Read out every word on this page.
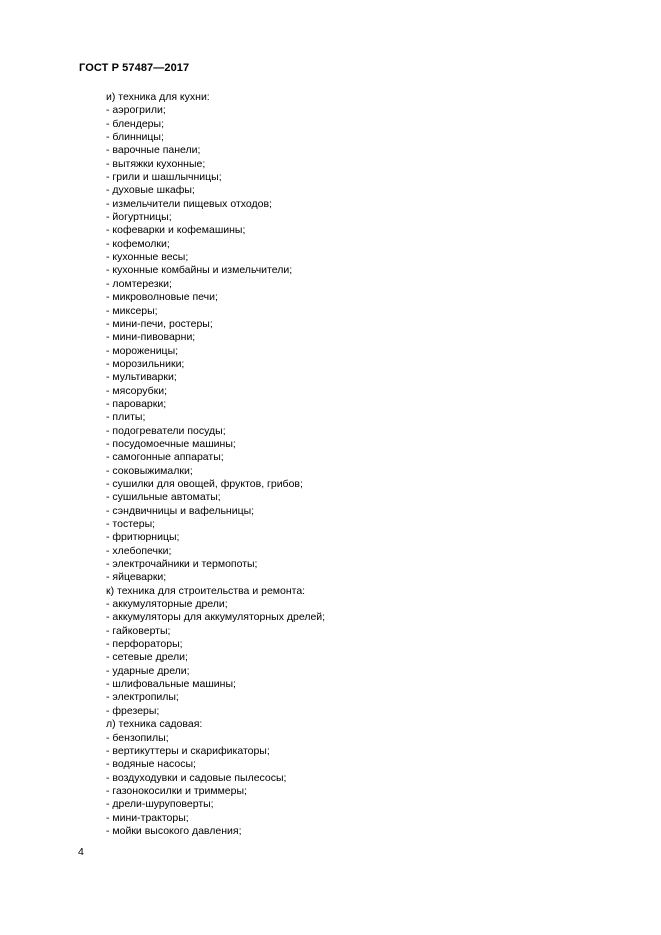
ГОСТ Р 57487—2017
и) техника для кухни:
- аэрогрили;
- блендеры;
- блинницы;
- варочные панели;
- вытяжки кухонные;
- грили и шашлычницы;
- духовые шкафы;
- измельчители пищевых отходов;
- йогуртницы;
- кофеварки и кофемашины;
- кофемолки;
- кухонные весы;
- кухонные комбайны и измельчители;
- ломтерезки;
- микроволновые печи;
- миксеры;
- мини-печи, ростеры;
- мини-пивоварни;
- мороженицы;
- морозильники;
- мультиварки;
- мясорубки;
- пароварки;
- плиты;
- подогреватели посуды;
- посудомоечные машины;
- самогонные аппараты;
- соковыжималки;
- сушилки для овощей, фруктов, грибов;
- сушильные автоматы;
- сэндвичницы и вафельницы;
- тостеры;
- фритюрницы;
- хлебопечки;
- электрочайники и термопоты;
- яйцеварки;
к) техника для строительства и ремонта:
- аккумуляторные дрели;
- аккумуляторы для аккумуляторных дрелей;
- гайковерты;
- перфораторы;
- сетевые дрели;
- ударные дрели;
- шлифовальные машины;
- электропилы;
- фрезеры;
л) техника садовая:
- бензопилы;
- вертикуттеры и скарификаторы;
- водяные насосы;
- воздуходувки и садовые пылесосы;
- газонокосилки и триммеры;
- дрели-шуруповерты;
- мини-тракторы;
- мойки высокого давления;
4
